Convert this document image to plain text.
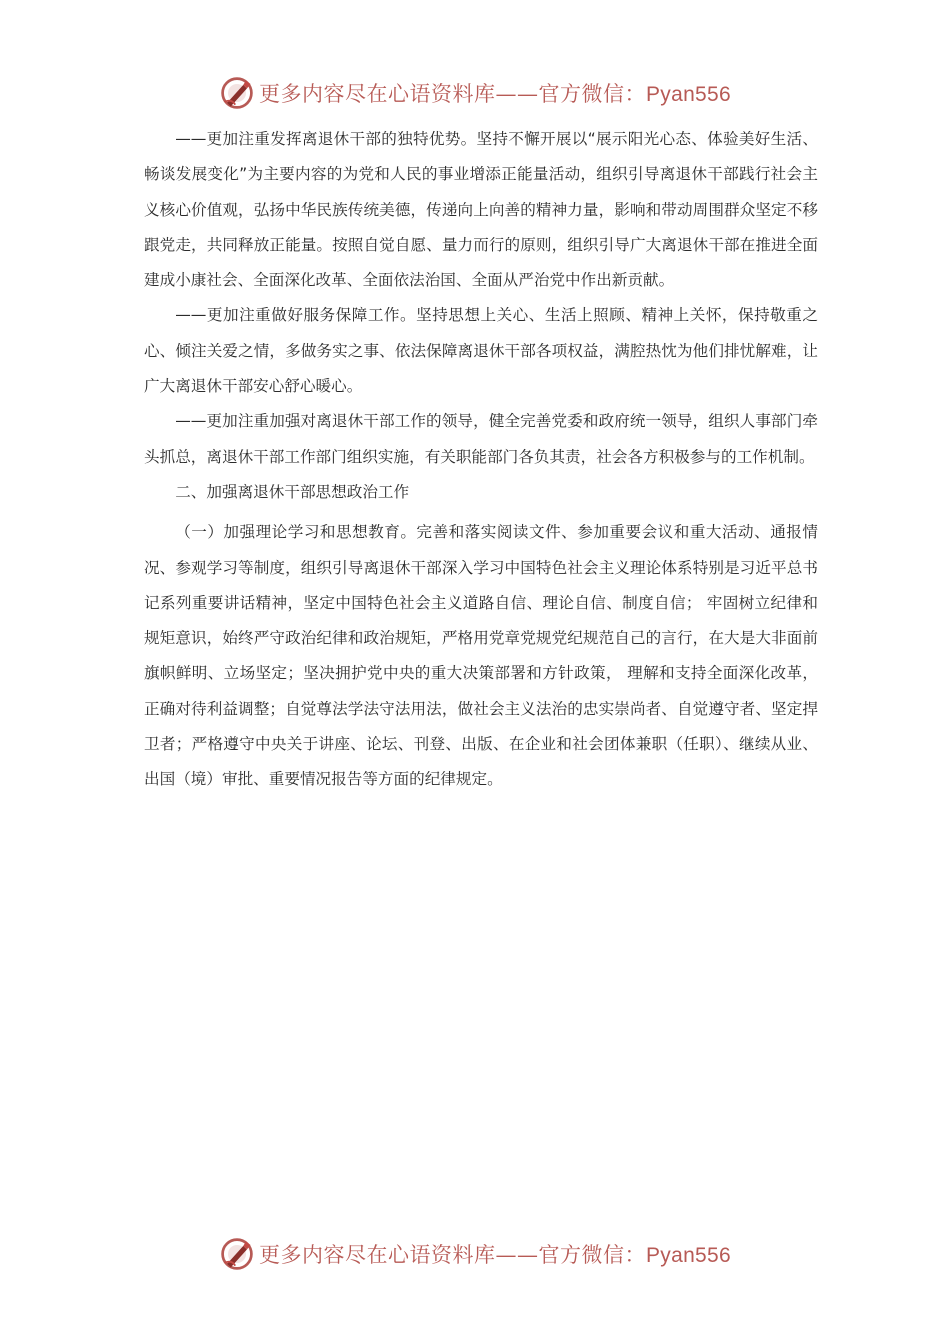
更多内容尽在心语资料库——官方微信：Pyan556

——更加注重发挥离退休干部的独特优势。坚持不懈开展以“展示阳光心态、体验美好生活、畅谈发展变化”为主要内容的为党和人民的事业增添正能量活动，组织引导离退休干部践行社会主义核心价值观，弘扬中华民族传统美德，传递向上向善的精神力量，影响和带动周围群众坚定不移跟党走，共同释放正能量。按照自觉自愿、量力而行的原则，组织引导广大离退休干部在推进全面建成小康社会、全面深化改革、全面依法治国、全面从严治党中作出新贡献。

——更加注重做好服务保障工作。坚持思想上关心、生活上照顾、精神上关怀，保持敬重之心、倾注关爱之情，多做务实之事、依法保障离退休干部各项权益，满腔热忱为他们排忧解难，让广大离退休干部安心舒心暖心。

——更加注重加强对离退休干部工作的领导，健全完善党委和政府统一领导，组织人事部门牵头抓总，离退休干部工作部门组织实施，有关职能部门各负其责，社会各方积极参与的工作机制。

二、加强离退休干部思想政治工作

（一）加强理论学习和思想教育。完善和落实阅读文件、参加重要会议和重大活动、通报情况、参观学习等制度，组织引导离退休干部深入学习中国特色社会主义理论体系特别是习近平总书记系列重要讲话精神，坚定中国特色社会主义道路自信、理论自信、制度自信； 牢固树立纪律和规矩意识，始终严守政治纪律和政治规矩，严格用党章党规党纪规范自己的言行，在大是大非面前旗帜鲜明、立场坚定；坚决拥护党中央的重大决策部署和方针政策， 理解和支持全面深化改革，正确对待利益调整；自觉尊法学法守法用法，做社会主义法治的忠实崇尚者、自觉遵守者、坚定捍卫者；严格遵守中央关于讲座、论坛、刊登、出版、在企业和社会团体兼职（任职）、继续从业、出国（境）审批、重要情况报告等方面的纪律规定。

更多内容尽在心语资料库——官方微信：Pyan556
